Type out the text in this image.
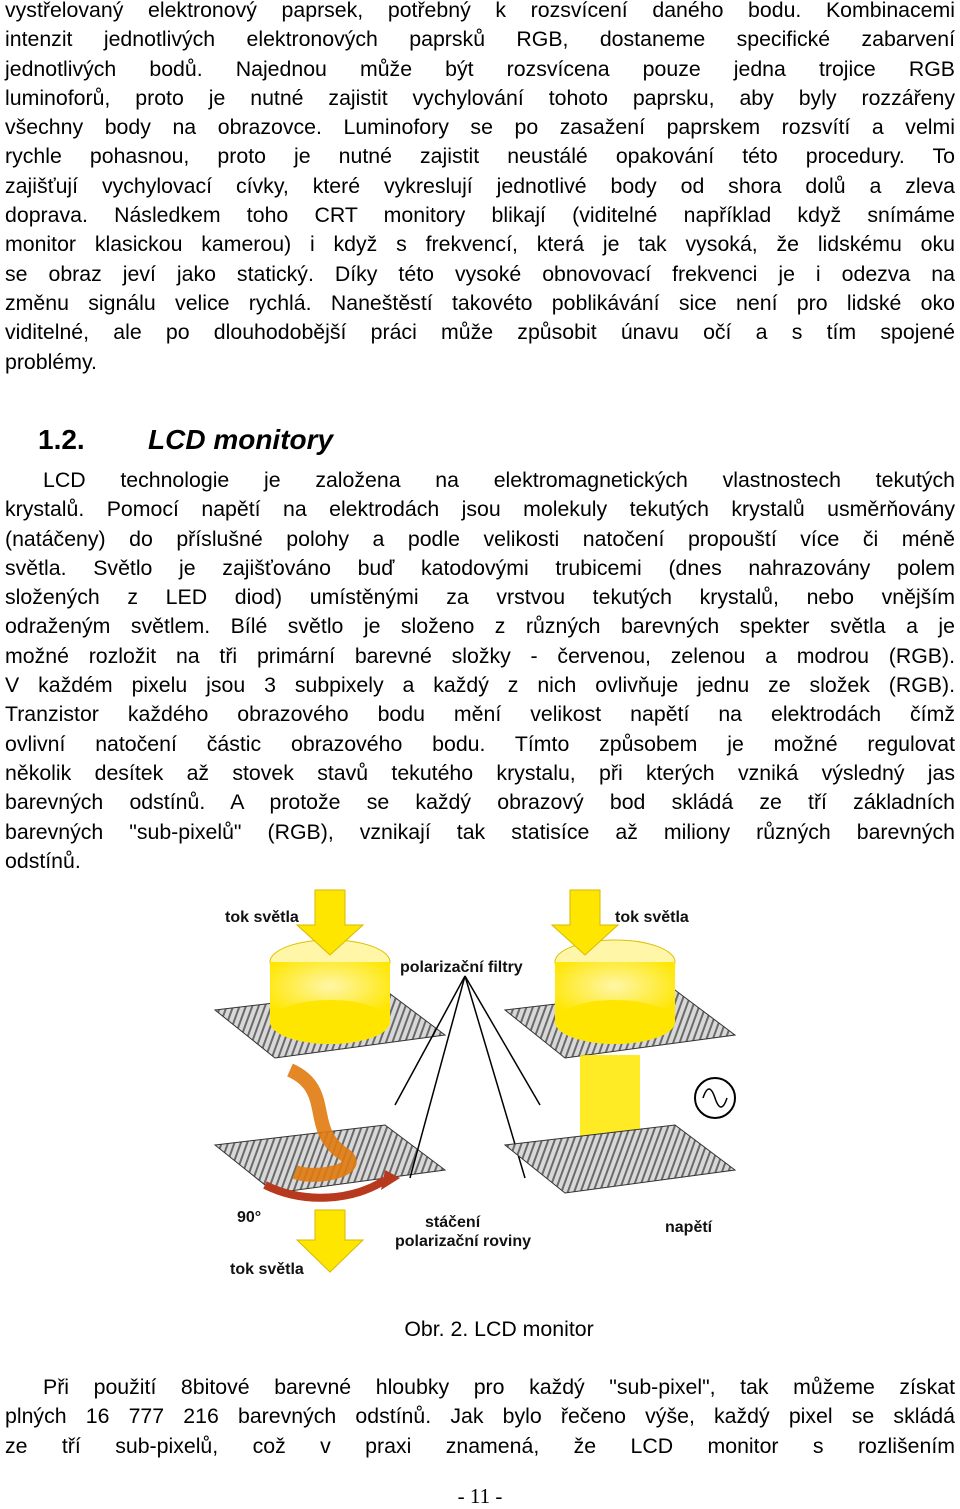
vystřelovaný elektronový paprsek, potřebný k rozsvícení daného bodu. Kombinacemi
intenzit jednotlivých elektronových paprsků RGB, dostaneme specifické zabarvení
jednotlivých bodů. Najednou může být rozsvícena pouze jedna trojice RGB
luminoforů, proto je nutné zajistit vychylování tohoto paprsku, aby byly rozzářeny
všechny body na obrazovce. Luminofory se po zasažení paprskem rozsvítí a velmi
rychle pohasnou, proto je nutné zajistit neustálé opakování této procedury. To
zajišťují vychylovací cívky, které vykreslují jednotlivé body od shora dolů a zleva
doprava. Následkem toho CRT monitory blikají (viditelné například když snímáme
monitor klasickou kamerou) i když s frekvencí, která je tak vysoká, že lidskému oku
se obraz jeví jako statický. Díky této vysoké obnovovací frekvenci je i odezva na
změnu signálu velice rychlá. Naneštěstí takovéto poblikávání sice není pro lidské oko
viditelné, ale po dlouhodobější práci může způsobit únavu očí a s tím spojené
problémy.
1.2. LCD monitory
LCD technologie je založena na elektromagnetických vlastnostech tekutých
krystalů. Pomocí napětí na elektrodách jsou molekuly tekutých krystalů usměrňovány
(natáčeny) do příslušné polohy a podle velikosti natočení propouští více či méně
světla. Světlo je zajišťováno buď katodovými trubicemi (dnes nahrazovány polem
složených z LED diod) umístěnými za vrstvou tekutých krystalů, nebo vnějším
odraženým světlem. Bílé světlo je složeno z různých barevných spekter světla a je
možné rozložit na tři primární barevné složky - červenou, zelenou a modrou (RGB).
V každém pixelu jsou 3 subpixely a každý z nich ovlivňuje jednu ze složek (RGB).
Tranzistor každého obrazového bodu mění velikost napětí na elektrodách čímž
ovlivní natočení částic obrazového bodu. Tímto způsobem je možné regulovat
několik desítek až stovek stavů tekutého krystalu, při kterých vzniká výsledný jas
barevných odstínů. A protože se každý obrazový bod skládá ze tří základních
barevných "sub-pixelů" (RGB), vznikají tak statisíce až miliony různých barevných
odstínů.
tok světla
90°
tok světla
polarizační filtry
stáčení
polarizační roviny
tok světla
napětí

Obr. 2. LCD monitor

Při použití 8bitové barevné hloubky pro každý "sub-pixel", tak můžeme získat
plných 16 777 216 barevných odstínů. Jak bylo řečeno výše, každý pixel se skládá
ze tří sub-pixelů, což v praxi znamená, že LCD monitor s rozlišením

- 11 -
